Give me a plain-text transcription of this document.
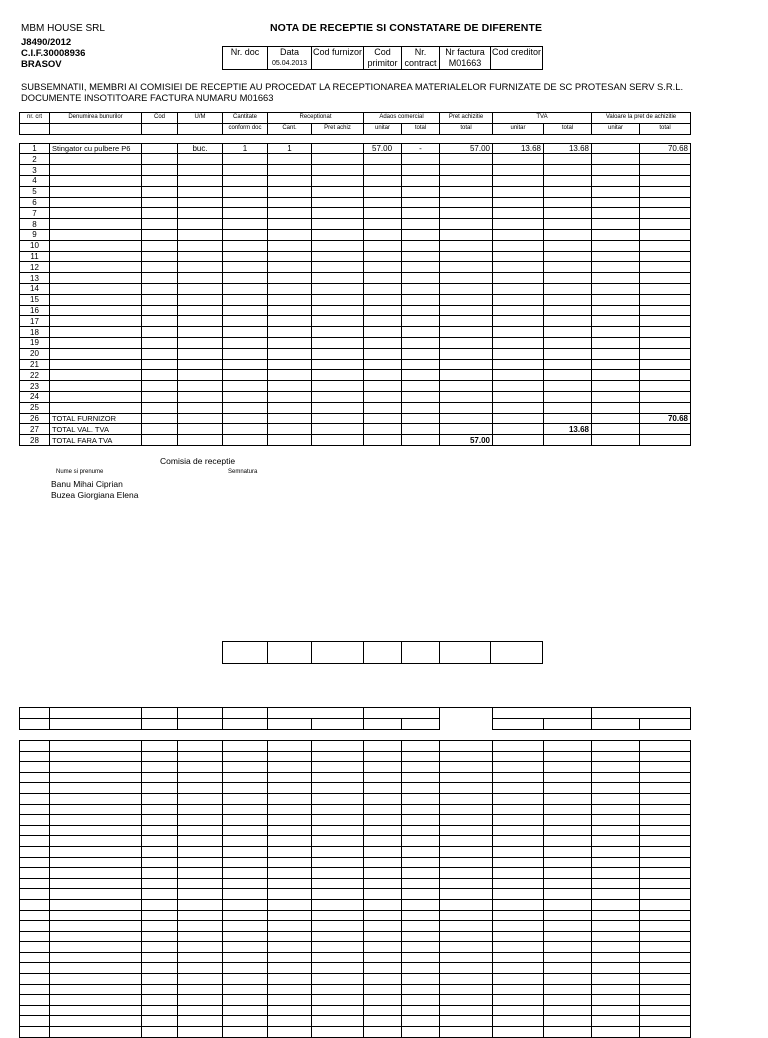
MBM HOUSE SRL
J8490/2012
C.I.F.30008936
BRASOV
NOTA DE RECEPTIE SI CONSTATARE DE DIFERENTE
Nr. doc	Data	Cod furnizor	Cod	Nr.	Nr factura	Cod creditor
	05.04.2013		primitor	contract	M01663	
SUBSEMNATII, MEMBRI AI COMISIEI DE RECEPTIE AU PROCEDAT LA RECEPTIONAREA MATERIALELOR FURNIZATE DE SC PROTESAN SERV S.R.L.
DOCUMENTE INSOTITOARE FACTURA NUMARU M01663
nr. crt	Denumirea bunurilor	Cod	U/M	Cantitate	Receptionat		Adaos comercial		Pret achizitie	TVA		Valoare la pret de achizitie	
				conform doc	Cant.	Pret achiz	unitar	total	total	unitar	total	unitar	total

1	Stingator cu pulbere P6		buc.	1	1		57.00	-	57.00	13.68	13.68		70.68
2													
3													
4													
5													
6													
7													
8													
9													
10													
11													
12													
13													
14													
15													
16													
17													
18													
19													
20													
21													
22													
23													
24													
25													
26	TOTAL FURNIZOR												70.68
27	TOTAL VAL. TVA										13.68		
28	TOTAL FARA TVA								57.00				
Comisia de receptie
Nume si prenume	Semnatura
Banu Mihai Ciprian
Buzea Giorgiana Elena
